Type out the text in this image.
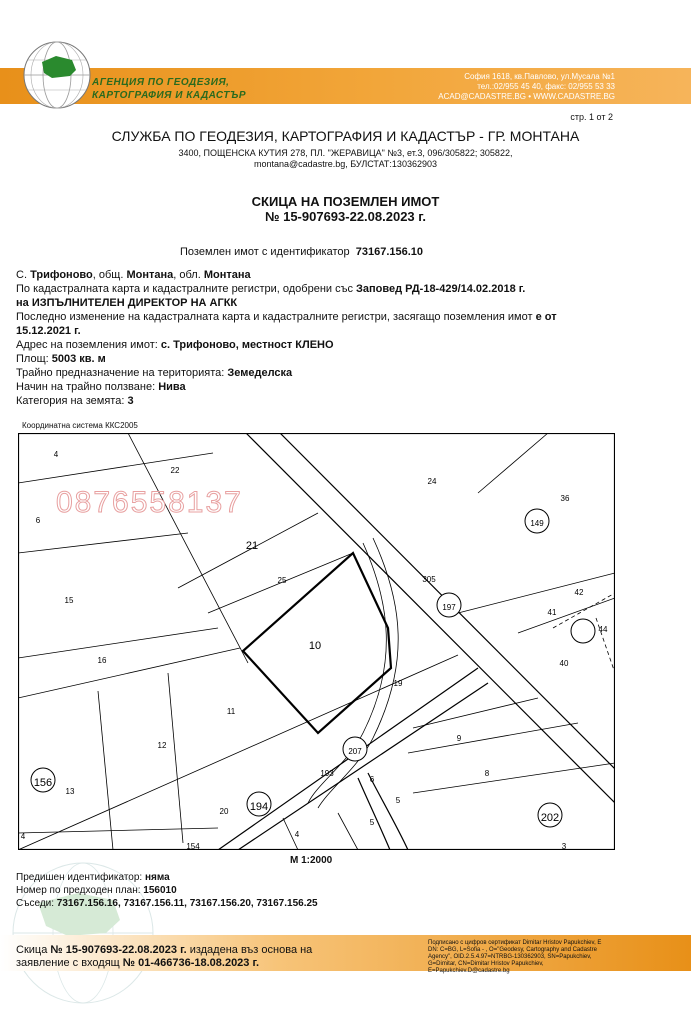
АГЕНЦИЯ ПО ГЕОДЕЗИЯ,
КАРТОГРАФИЯ И КАДАСТЪР
София 1618, кв.Павлово, ул.Мусала №1
тел.:02/955 45 40, факс: 02/955 53 33
ACAD@CADASTRE.BG • WWW.CADASTRE.BG
стр. 1 от 2
СЛУЖБА ПО ГЕОДЕЗИЯ, КАРТОГРАФИЯ И КАДАСТЪР - ГР. МОНТАНА
3400, ПОЩЕНСКА КУТИЯ 278, ПЛ. "ЖЕРАВИЦА" №3, ет.3, 096/305822; 305822,
montana@cadastre.bg, БУЛСТАТ:130362903
СКИЦА НА ПОЗЕМЛЕН ИМОТ
№ 15-907693-22.08.2023 г.
Поземлен имот с идентификатор 73167.156.10
С. Трифоново, общ. Монтана, обл. Монтана
По кадастралната карта и кадастралните регистри, одобрени със Заповед РД-18-429/14.02.2018 г.
на ИЗПЪЛНИТЕЛЕН ДИРЕКТОР НА АГКК
Последно изменение на кадастралната карта и кадастралните регистри, засягащо поземления имот е от
15.12.2021 г.
Адрес на поземления имот: с. Трифоново, местност КЛЕНО
Площ: 5003 кв. м
Трайно предназначение на територията: Земеделска
Начин на трайно ползване: Нива
Категория на земята: 3
Координатна система ККС2005
0876558137
4
22
24
36
6	149
21
25	305
15
10
197
42
41
44
40
16
19
11
12
207
9
156
13
193
6
8
5
194
20
4
5	202
4
154	3
М 1:2000
Предишен идентификатор: няма
Номер по предходен план: 156010
Съседи: 73167.156.16, 73167.156.11, 73167.156.20, 73167.156.25
Скица № 15-907693-22.08.2023 г. издадена въз основа на
заявление с входящ № 01-466736-18.08.2023 г.
Подписано с цифров сертификат Dimitar Hristov Papukchiev, E
DN: C=BG, L=Sofia - , O="Geodesy, Cartography and Cadastre
Agency", OID.2.5.4.97=NTRBG-130362903, SN=Papukchiev,
G=Dimitar, CN=Dimitar Hristov Papukchiev,
E=Papukchiev.D@cadastre.bg
